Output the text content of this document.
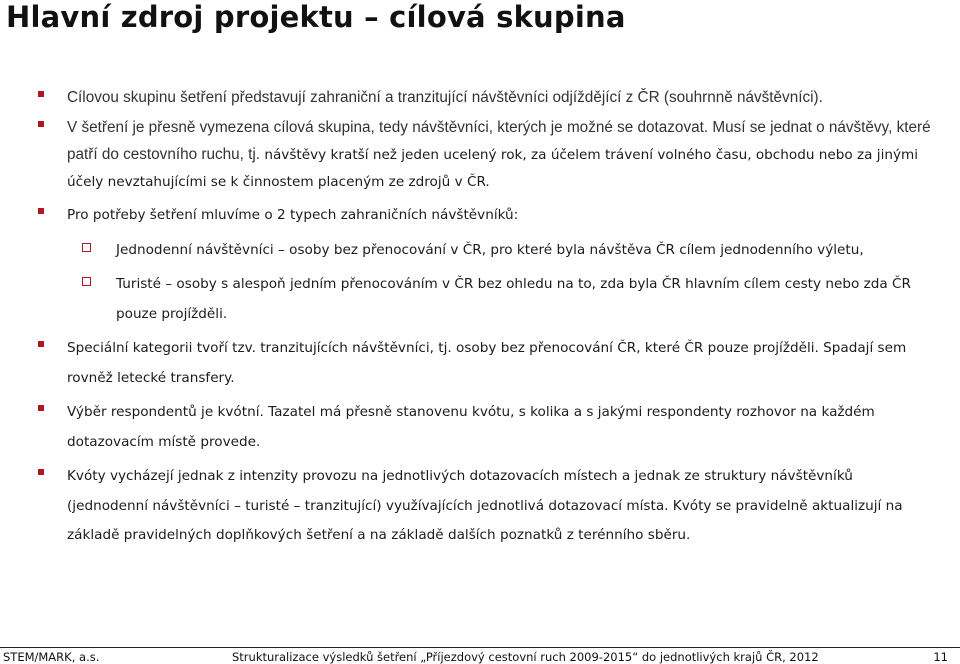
Hlavní zdroj projektu – cílová skupina
Cílovou skupinu šetření představují zahraniční a tranzitující návštěvníci odjíždějící z ČR (souhrnně návštěvníci).
V šetření je přesně vymezena cílová skupina, tedy návštěvníci, kterých je možné se dotazovat. Musí se jednat o návštěvy, které patří do cestovního ruchu, tj. návštěvy kratší než jeden ucelený rok, za účelem trávení volného času, obchodu nebo za jinými účely nevztahujícími se k činnostem placeným ze zdrojů v ČR.
Pro potřeby šetření mluvíme o 2 typech zahraničních návštěvníků:
Jednodenní návštěvníci – osoby bez přenocování v ČR, pro které byla návštěva ČR cílem jednodenního výletu,
Turisté – osoby s alespoň jedním přenocováním v ČR bez ohledu na to, zda byla ČR hlavním cílem cesty nebo zda ČR pouze projížděli.
Speciální kategorii tvoří tzv. tranzitujících návštěvníci, tj. osoby bez přenocování ČR, které ČR pouze projížděli. Spadají sem rovněž letecké transfery.
Výběr respondentů je kvótní. Tazatel má přesně stanovenu kvótu, s kolika a s jakými respondenty rozhovor na každém dotazovacím místě provede.
Kvóty vycházejí jednak z intenzity provozu na jednotlivých dotazovacích místech a jednak ze struktury návštěvníků (jednodenní návštěvníci – turisté – tranzitující) využívajících jednotlivá dotazovací místa. Kvóty se pravidelně aktualizují na základě pravidelných doplňkových šetření a na základě dalších poznatků z terénního sběru.
STEM/MARK, a.s.	Strukturalizace výsledků šetření „Příjezdový cestovní ruch 2009-2015“ do jednotlivých krajů ČR, 2012	11
